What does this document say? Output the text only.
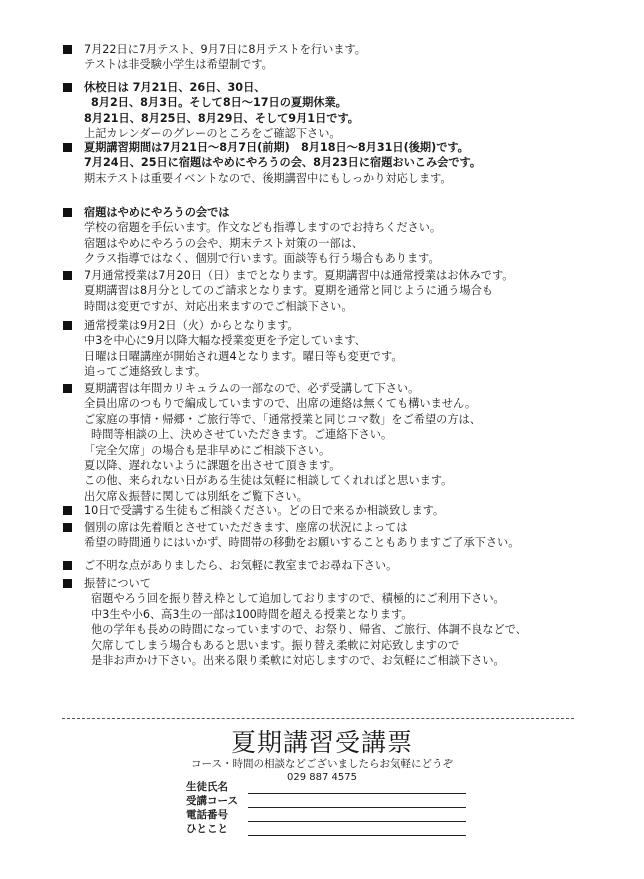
7月22日に7月テスト、9月7日に8月テストを行います。
テストは非受験小学生は希望制です。
休校日は 7月21日、26日、30日、
8月2日、8月3日。そして8日～17日の夏期休業。
8月21日、8月25日、8月29日、そして9月1日です。
上記カレンダーのグレーのところをご確認下さい。
夏期講習期間は7月21日～8月7日(前期)　8月18日～8月31日(後期)です。
7月24日、25日に宿題はやめにやろうの会、8月23日に宿題おいこみ会です。
期末テストは重要イベントなので、後期講習中にもしっかり対応します。
宿題はやめにやろうの会では
学校の宿題を手伝います。作文なども指導しますのでお持ちください。
宿題はやめにやろうの会や、期末テスト対策の一部は、
クラス指導ではなく、個別で行います。面談等も行う場合もあります。
7月通常授業は7月20日（日）までとなります。夏期講習中は通常授業はお休みです。
夏期講習は8月分としてのご請求となります。夏期を通常と同じように通う場合も
時間は変更ですが、対応出来ますのでご相談下さい。
通常授業は9月2日（火）からとなります。
中3を中心に9月以降大幅な授業変更を予定しています、
日曜は日曜講座が開始され週4となります。曜日等も変更です。
追ってご連絡致します。
夏期講習は年間カリキュラムの一部なので、必ず受講して下さい。
全員出席のつもりで編成していますので、出席の連絡は無くても構いません。
ご家庭の事情・帰郷・ご旅行等で、「通常授業と同じコマ数」をご希望の方は、
時間等相談の上、決めさせていただきます。ご連絡下さい。
「完全欠席」の場合も是非早めにご相談下さい。
夏以降、遅れないように課題を出させて頂きます。
この他、来られない日がある生徒は気軽に相談してくれればと思います。
出欠席＆振替に関しては別紙をご覧下さい。
10日で受講する生徒もご相談ください。どの日で来るか相談致します。
個別の席は先着順とさせていただきます、座席の状況によっては
希望の時間通りにはいかず、時間帯の移動をお願いすることもありますご了承下さい。
ご不明な点がありましたら、お気軽に教室までお尋ね下さい。
振替について
宿題やろう回を振り替え枠として追加しておりますので、積極的にご利用下さい。
中3生や小6、高3生の一部は100時間を超える授業となります。
他の学年も長めの時間になっていますので、お祭り、帰省、ご旅行、体調不良などで、
欠席してしまう場合もあると思います。振り替え柔軟に対応致しますので
是非お声かけ下さい。出来る限り柔軟に対応しますので、お気軽にご相談下さい。
夏期講習受講票
コース・時間の相談などございましたらお気軽にどうぞ
029 887 4575
生徒氏名
受講コース
電話番号
ひとこと
